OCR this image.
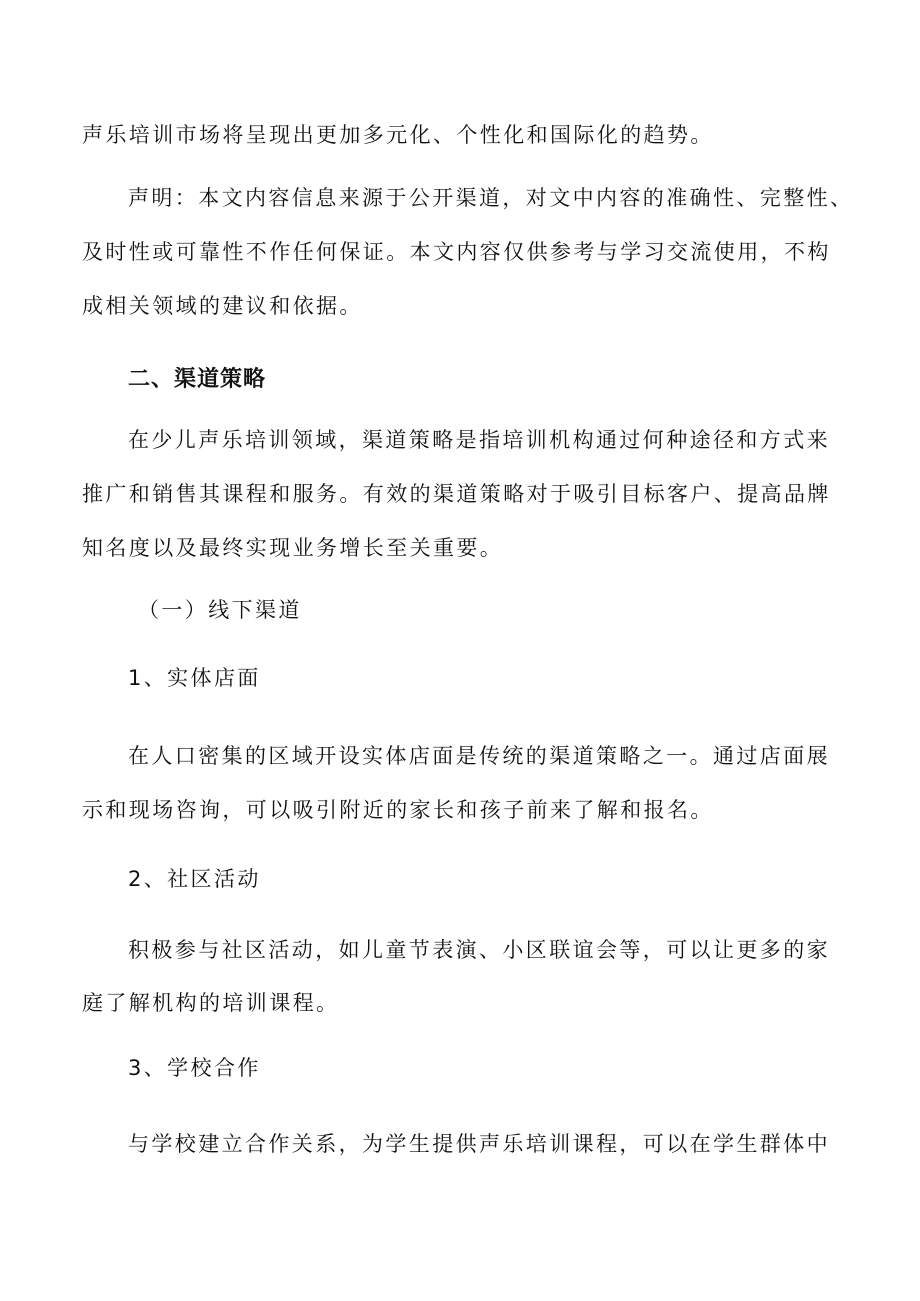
声乐培训市场将呈现出更加多元化、个性化和国际化的趋势。
声明：本文内容信息来源于公开渠道，对文中内容的准确性、完整性、
及时性或可靠性不作任何保证。本文内容仅供参考与学习交流使用，不构
成相关领域的建议和依据。
二、渠道策略
在少儿声乐培训领域，渠道策略是指培训机构通过何种途径和方式来
推广和销售其课程和服务。有效的渠道策略对于吸引目标客户、提高品牌
知名度以及最终实现业务增长至关重要。
（一）线下渠道
1、实体店面
在人口密集的区域开设实体店面是传统的渠道策略之一。通过店面展
示和现场咨询，可以吸引附近的家长和孩子前来了解和报名。
2、社区活动
积极参与社区活动，如儿童节表演、小区联谊会等，可以让更多的家
庭了解机构的培训课程。
3、学校合作
与学校建立合作关系，为学生提供声乐培训课程，可以在学生群体中
